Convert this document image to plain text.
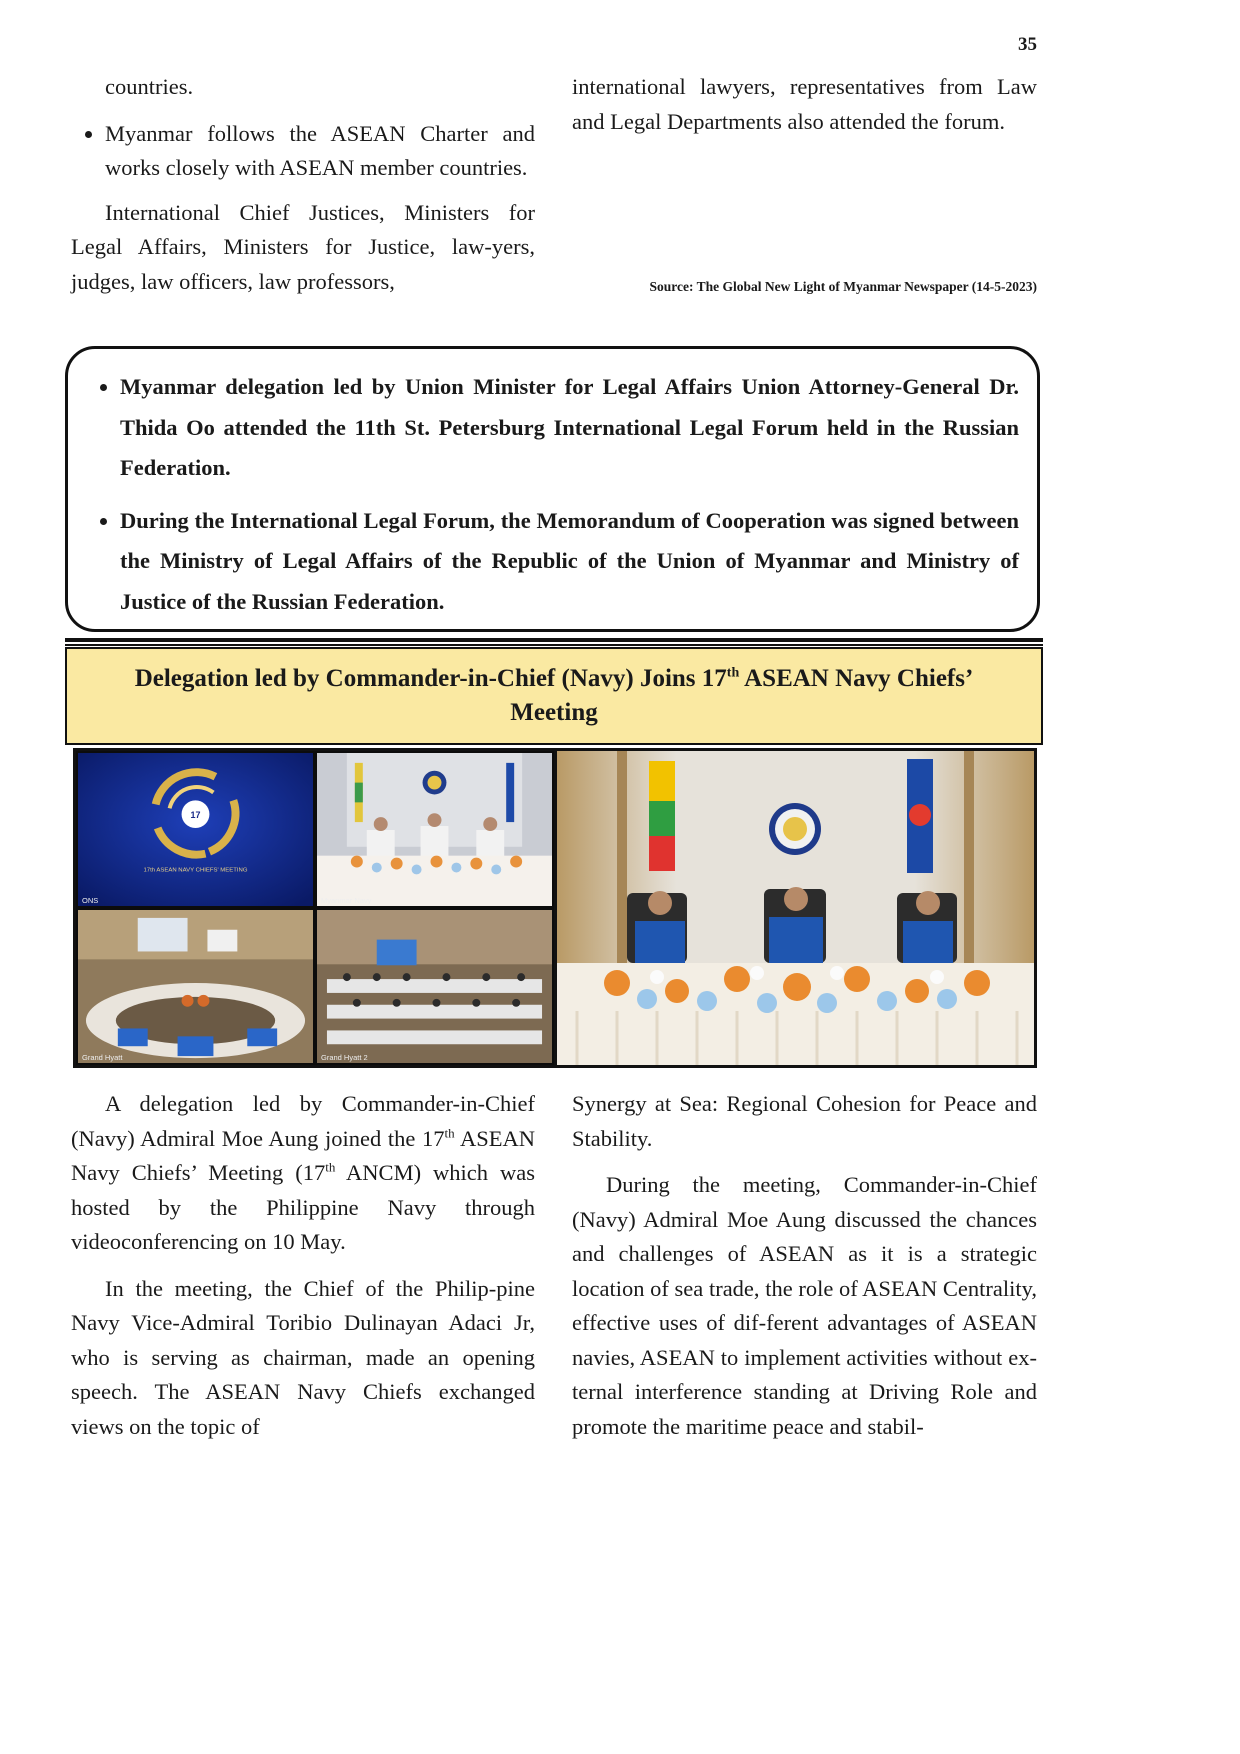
35

countries.

• Myanmar follows the ASEAN Charter and works closely with ASEAN member countries.

International Chief Justices, Ministers for Legal Affairs, Ministers for Justice, law-yers, judges, law officers, law professors,

international lawyers, representatives from Law and Legal Departments also attended the forum.

Source: The Global New Light of Myanmar Newspaper (14-5-2023)
• Myanmar delegation led by Union Minister for Legal Affairs Union Attorney-General Dr. Thida Oo attended the 11th St. Petersburg International Legal Forum held in the Russian Federation.
• During the International Legal Forum, the Memorandum of Cooperation was signed between the Ministry of Legal Affairs of the Republic of the Union of Myanmar and Ministry of Justice of the Russian Federation.
Delegation led by Commander-in-Chief (Navy) Joins 17th ASEAN Navy Chiefs’
Meeting
17
17th ASEAN NAVY CHIEFS' MEETING
ONS	Myanmar Navy
Grand Hyatt	Grand Hyatt 2

A delegation led by Commander-in-Chief (Navy) Admiral Moe Aung joined the 17th ASEAN Navy Chiefs’ Meeting (17th ANCM) which was hosted by the Philippine Navy through videoconferencing on 10 May.

In the meeting, the Chief of the Philip-pine Navy Vice-Admiral Toribio Dulinayan Adaci Jr, who is serving as chairman, made an opening speech. The ASEAN Navy Chiefs exchanged views on the topic of

Synergy at Sea: Regional Cohesion for Peace and Stability.

During the meeting, Commander-in-Chief (Navy) Admiral Moe Aung discussed the chances and challenges of ASEAN as it is a strategic location of sea trade, the role of ASEAN Centrality, effective uses of dif-ferent advantages of ASEAN navies, ASEAN to implement activities without ex-ternal interference standing at Driving Role and promote the maritime peace and stabil-
